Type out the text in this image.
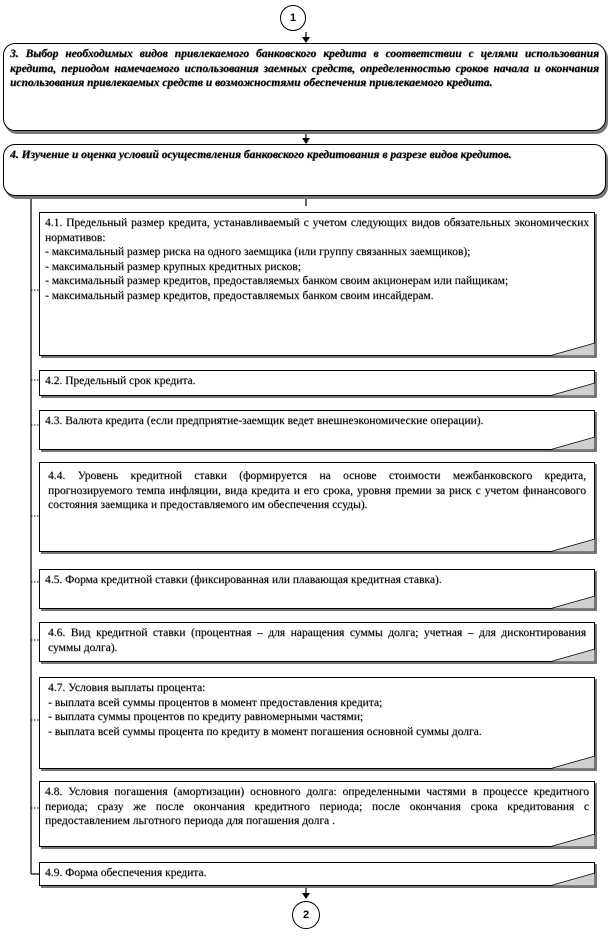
1
3. Выбор необходимых видов привлекаемого банковского кредита в соответствии с целями использования кредита, периодом намечаемого использования заемных средств, определенностью сроков начала и окончания использования привлекаемых средств и возможностями обеспечения привлекаемого кредита.
4. Изучение и оценка условий осуществления банковского кредитования в разрезе видов кредитов.
4.1. Предельный размер кредита, устанавливаемый с учетом следующих видов обязательных экономических нормативов:
- максимальный размер риска на одного заемщика (или группу связанных заемщиков);
- максимальный размер крупных кредитных рисков;
- максимальный размер кредитов, предоставляемых банком своим акционерам или пайщикам;
- максимальный размер кредитов, предоставляемых банком своим инсайдерам.
4.2. Предельный срок кредита.
4.3. Валюта кредита (если предприятие-заемщик ведет внешнеэкономические операции).
4.4. Уровень кредитной ставки (формируется на основе стоимости межбанковского кредита, прогнозируемого темпа инфляции, вида кредита и его срока, уровня премии за риск с учетом финансового состояния заемщика и предоставляемого им обеспечения ссуды).
4.5. Форма кредитной ставки (фиксированная или плавающая кредитная ставка).
4.6. Вид кредитной ставки (процентная – для наращения суммы долга; учетная – для дисконтирования суммы долга).
4.7. Условия выплаты процента:
- выплата всей суммы процентов в момент предоставления кредита;
- выплата суммы процентов по кредиту равномерными частями;
- выплата всей суммы процента по кредиту в момент погашения основной суммы долга.
4.8. Условия погашения (амортизации) основного долга: определенными частями в процессе кредитного периода; сразу же после окончания кредитного периода; после окончания срока кредитования с предоставлением льготного периода для погашения долга .
4.9. Форма обеспечения кредита.
2
